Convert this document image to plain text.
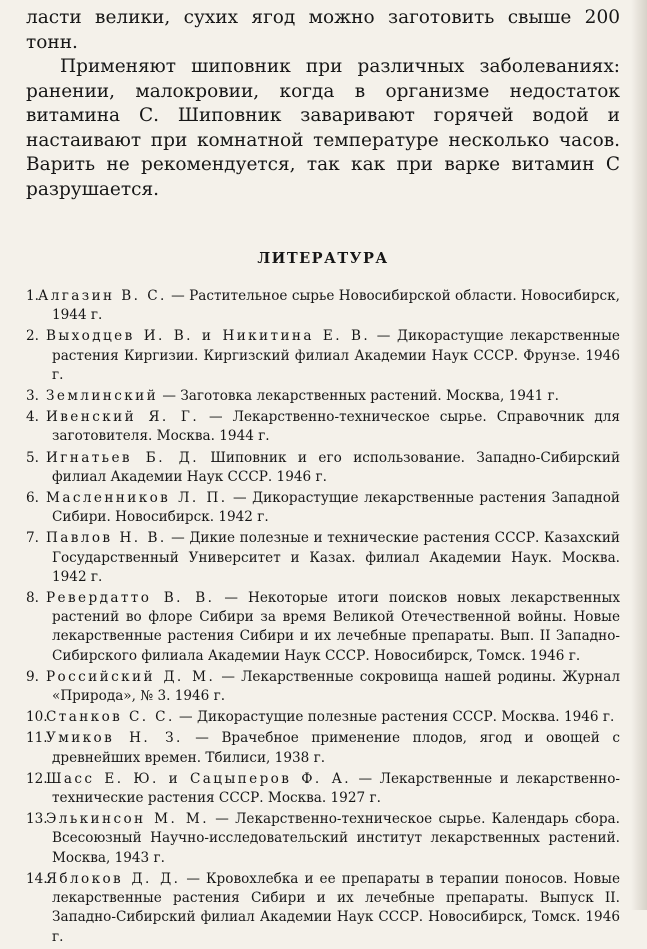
ласти велики, сухих ягод можно заготовить свыше 200 тонн.

Применяют шиповник при различных заболеваниях: ранении, малокровии, когда в организме недостаток витамина С. Шиповник заваривают горячей водой и настаивают при комнатной температуре несколько часов. Варить не рекомендуется, так как при варке витамин С разрушается.

ЛИТЕРАТУРА
1.Алгазин В. С. — Растительное сырье Новосибирской области. Новосибирск, 1944 г.
2. Выходцев И. В. и Никитина Е. В. — Дикорастущие лекарственные растения Киргизии. Киргизский филиал Академии Наук СССР. Фрунзе. 1946 г.
3. Землинский — Заготовка лекарственных растений. Москва, 1941 г.
4. Ивенский Я. Г. — Лекарственно-техническое сырье. Справочник для заготовителя. Москва. 1944 г.
5. Игнатьев Б. Д. Шиповник и его использование. Западно-Сибирский филиал Академии Наук СССР. 1946 г.
6. Масленников Л. П. — Дикорастущие лекарственные растения Западной Сибири. Новосибирск. 1942 г.
7. Павлов Н. В. — Дикие полезные и технические растения СССР. Казахский Государственный Университет и Казах. филиал Академии Наук. Москва. 1942 г.
8. Ревердатто В. В. — Некоторые итоги поисков новых лекарственных растений во флоре Сибири за время Великой Отечественной войны. Новые лекарственные растения Сибири и их лечебные препараты. Вып. II Западно-Сибирского филиала Академии Наук СССР. Новосибирск, Томск. 1946 г.
9. Российский Д. М. — Лекарственные сокровища нашей родины. Журнал «Природа», № 3. 1946 г.
10.Станков С. С. — Дикорастущие полезные растения СССР. Москва. 1946 г.
11.Умиков Н. З. — Врачебное применение плодов, ягод и овощей с древнейших времен. Тбилиси, 1938 г.
12.Шасс Е. Ю. и Сацыперов Ф. А. — Лекарственные и лекарственно-технические растения СССР. Москва. 1927 г.
13.Элькинсон М. М. — Лекарственно-техническое сырье. Календарь сбора. Всесоюзный Научно-исследовательский институт лекарственных растений. Москва, 1943 г.
14.Яблоков Д. Д. — Кровохлебка и ее препараты в терапии поносов. Новые лекарственные растения Сибири и их лечебные препараты. Выпуск II. Западно-Сибирский филиал Академии Наук СССР. Новосибирск, Томск. 1946 г.
